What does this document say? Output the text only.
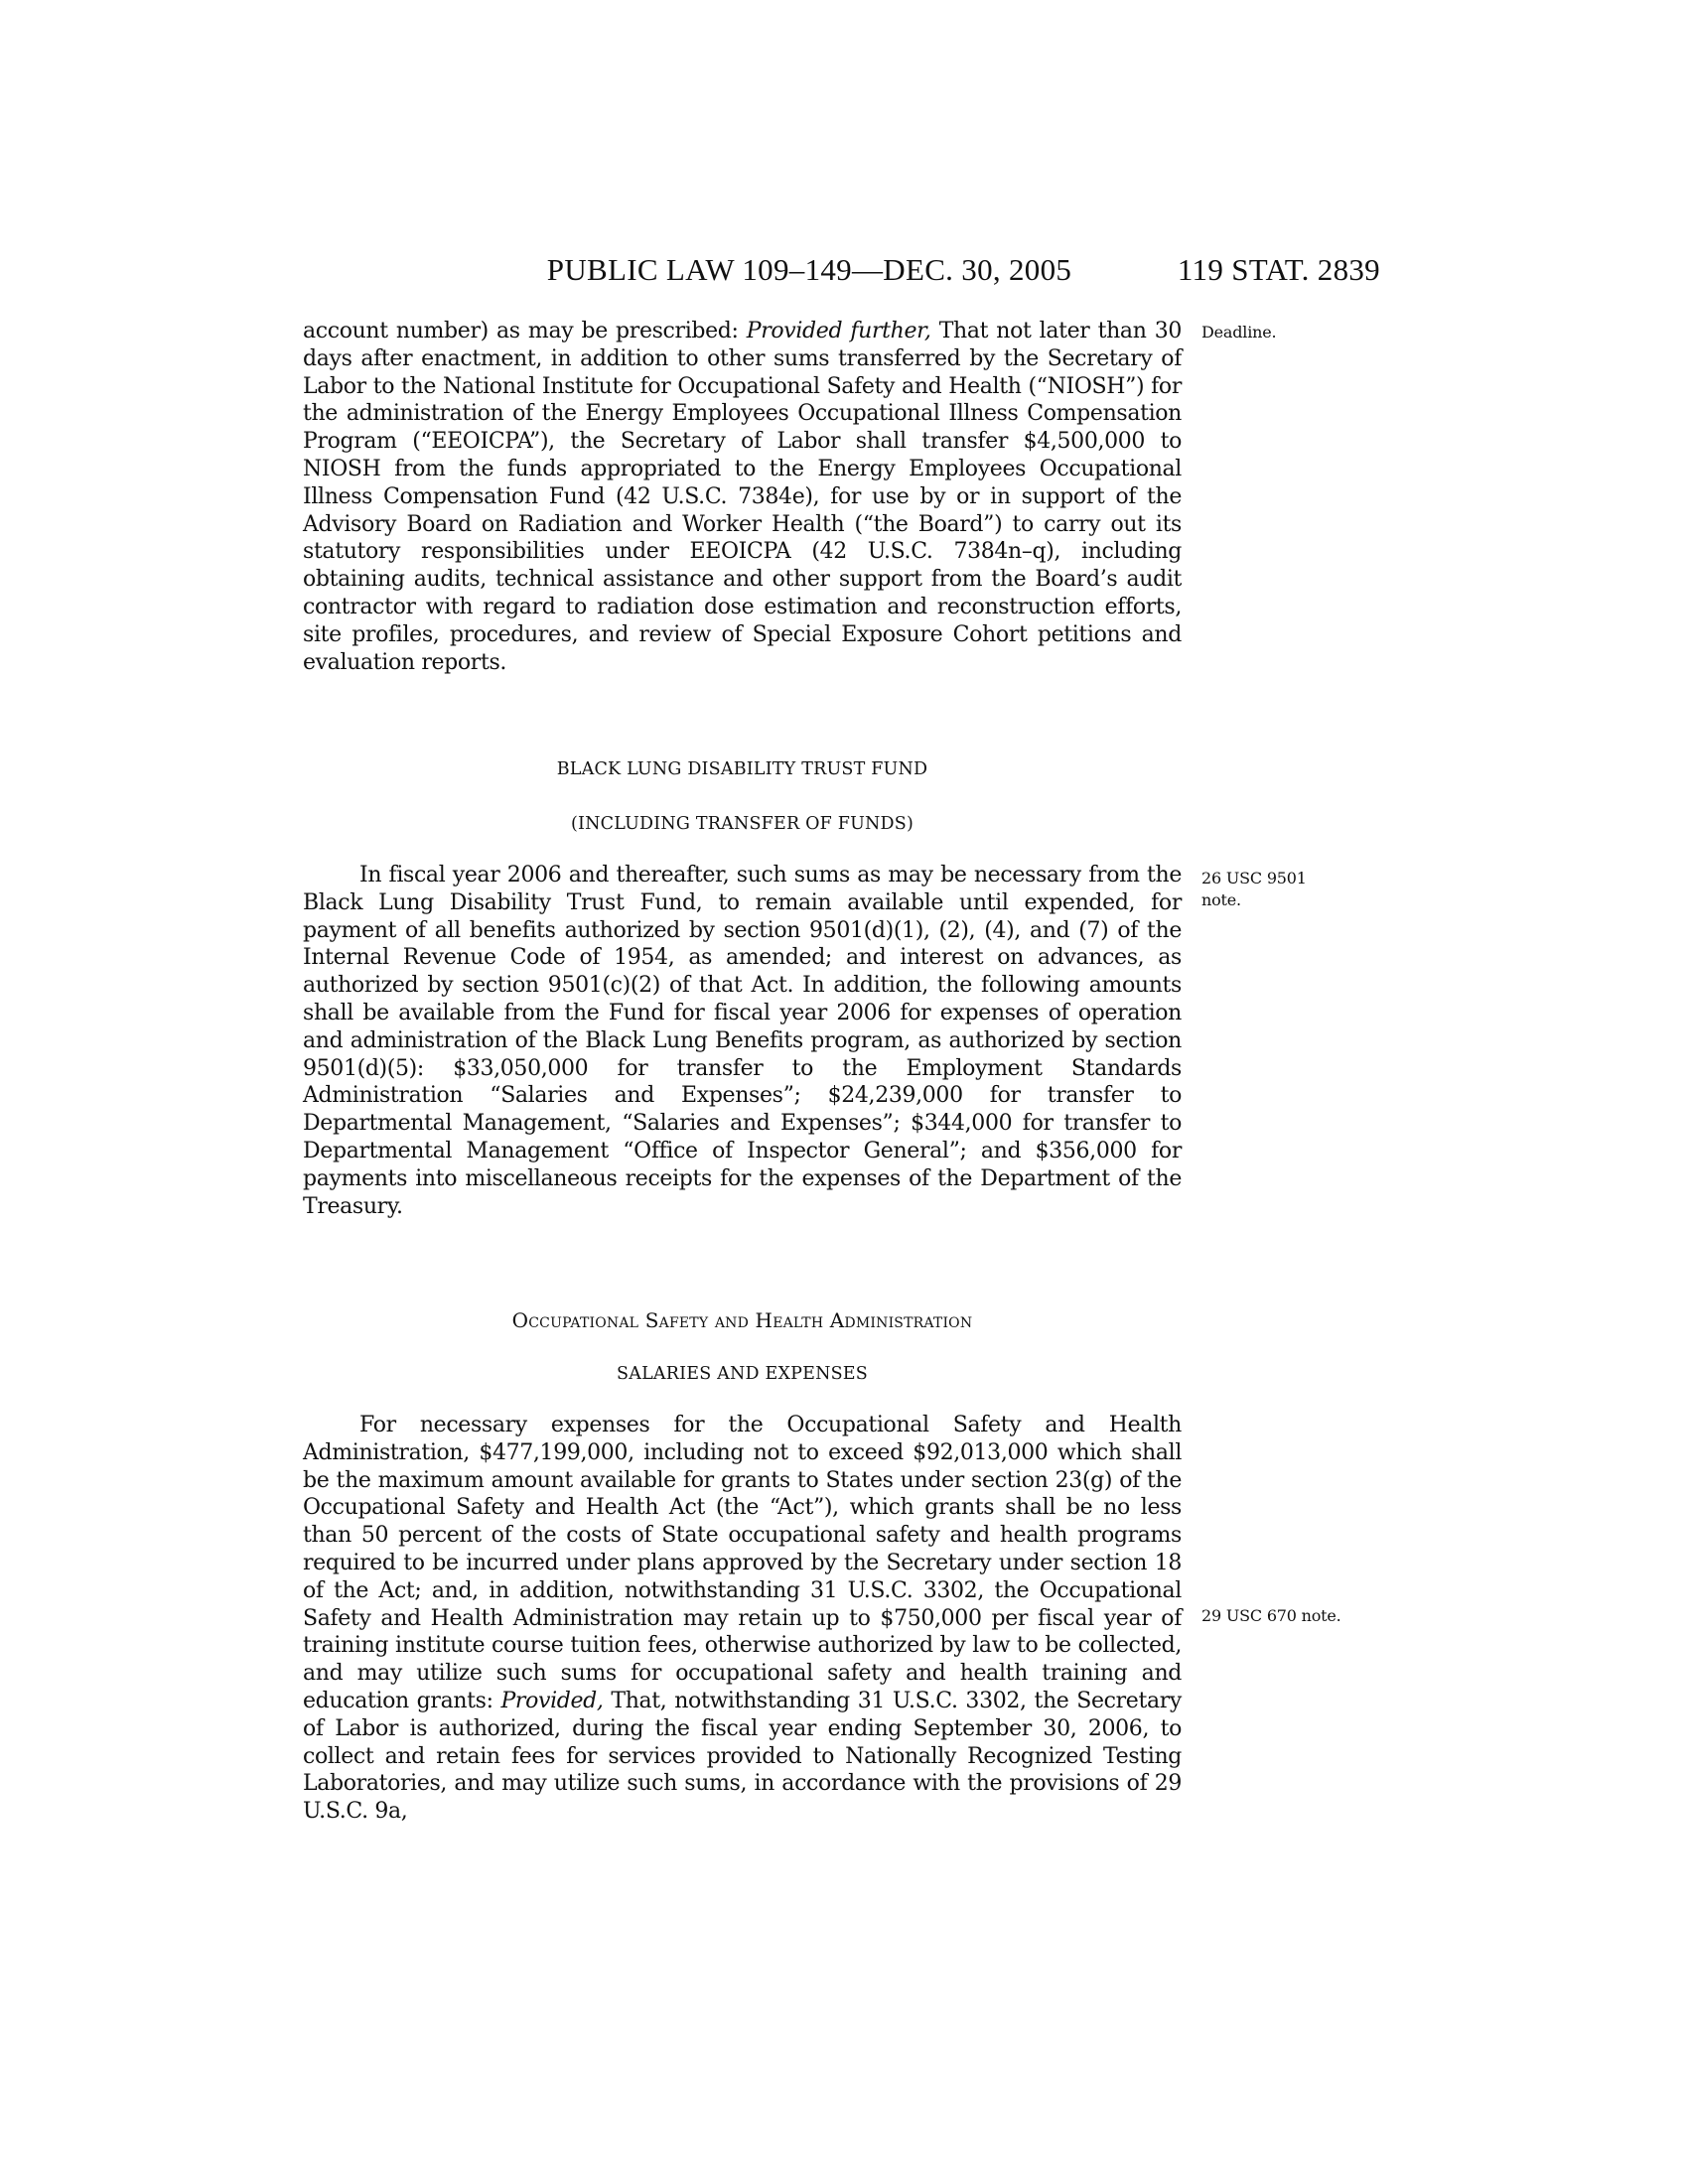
PUBLIC LAW 109–149—DEC. 30, 2005	119 STAT. 2839

account number) as may be prescribed: Provided further, That not later than 30 days after enactment, in addition to other sums transferred by the Secretary of Labor to the National Institute for Occupational Safety and Health (“NIOSH”) for the administration of the Energy Employees Occupational Illness Compensation Program (“EEOICPA”), the Secretary of Labor shall transfer $4,500,000 to NIOSH from the funds appropriated to the Energy Employees Occupational Illness Compensation Fund (42 U.S.C. 7384e), for use by or in support of the Advisory Board on Radiation and Worker Health (“the Board”) to carry out its statutory responsibilities under EEOICPA (42 U.S.C. 7384n–q), including obtaining audits, technical assistance and other support from the Board’s audit contractor with regard to radiation dose estimation and reconstruction efforts, site profiles, procedures, and review of Special Exposure Cohort petitions and evaluation reports.

Deadline.
BLACK LUNG DISABILITY TRUST FUND
(INCLUDING TRANSFER OF FUNDS)

In fiscal year 2006 and thereafter, such sums as may be necessary from the Black Lung Disability Trust Fund, to remain available until expended, for payment of all benefits authorized by section 9501(d)(1), (2), (4), and (7) of the Internal Revenue Code of 1954, as amended; and interest on advances, as authorized by section 9501(c)(2) of that Act. In addition, the following amounts shall be available from the Fund for fiscal year 2006 for expenses of operation and administration of the Black Lung Benefits program, as authorized by section 9501(d)(5): $33,050,000 for transfer to the Employment Standards Administration “Salaries and Expenses”; $24,239,000 for transfer to Departmental Management, “Salaries and Expenses”; $344,000 for transfer to Departmental Management “Office of Inspector General”; and $356,000 for payments into miscellaneous receipts for the expenses of the Department of the Treasury.

26 USC 9501
note.
Occupational Safety and Health Administration
SALARIES AND EXPENSES

For necessary expenses for the Occupational Safety and Health Administration, $477,199,000, including not to exceed $92,013,000 which shall be the maximum amount available for grants to States under section 23(g) of the Occupational Safety and Health Act (the “Act”), which grants shall be no less than 50 percent of the costs of State occupational safety and health programs required to be incurred under plans approved by the Secretary under section 18 of the Act; and, in addition, notwithstanding 31 U.S.C. 3302, the Occupational Safety and Health Administration may retain up to $750,000 per fiscal year of training institute course tuition fees, otherwise authorized by law to be collected, and may utilize such sums for occupational safety and health training and education grants: Provided, That, notwithstanding 31 U.S.C. 3302, the Secretary of Labor is authorized, during the fiscal year ending September 30, 2006, to collect and retain fees for services provided to Nationally Recognized Testing Laboratories, and may utilize such sums, in accordance with the provisions of 29 U.S.C. 9a,

29 USC 670 note.
